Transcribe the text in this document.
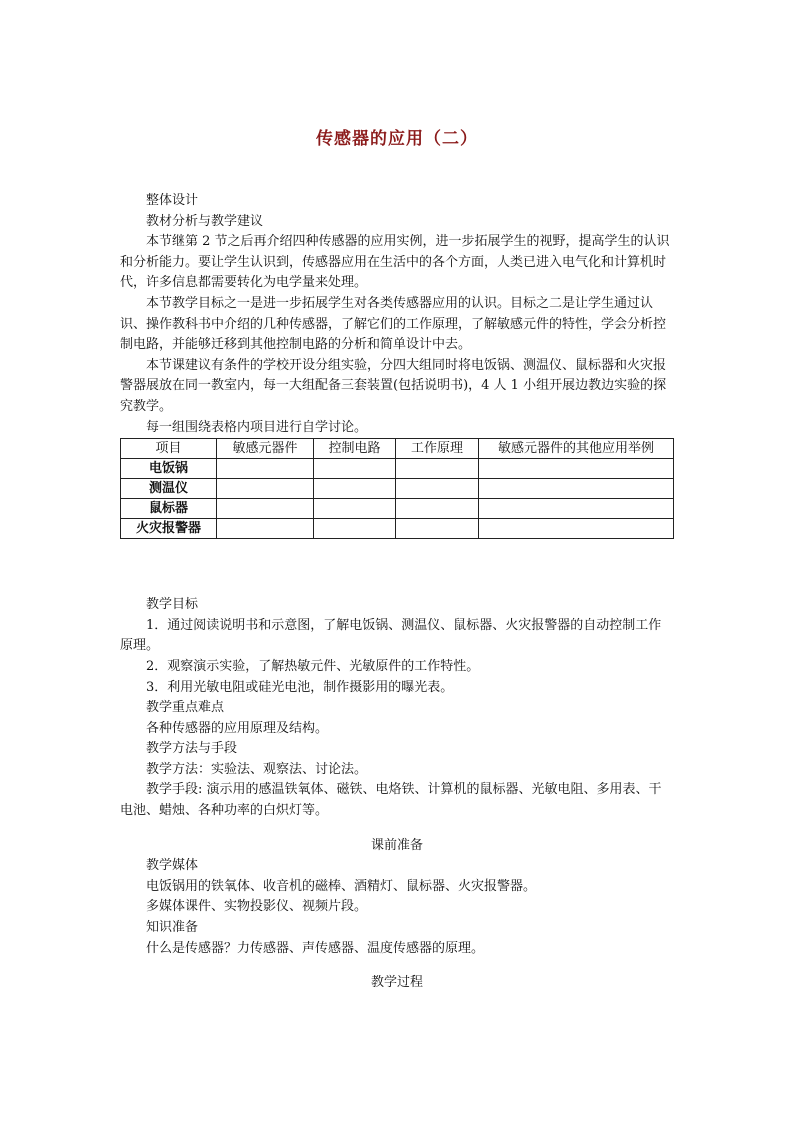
传感器的应用（二）

整体设计

教材分析与教学建议

本节继第 2 节之后再介绍四种传感器的应用实例，进一步拓展学生的视野，提高学生的认识和分析能力。要让学生认识到，传感器应用在生活中的各个方面，人类已进入电气化和计算机时代，许多信息都需要转化为电学量来处理。

本节教学目标之一是进一步拓展学生对各类传感器应用的认识。目标之二是让学生通过认识、操作教科书中介绍的几种传感器，了解它们的工作原理，了解敏感元件的特性，学会分析控制电路，并能够迁移到其他控制电路的分析和简单设计中去。

本节课建议有条件的学校开设分组实验，分四大组同时将电饭锅、测温仪、鼠标器和火灾报警器展放在同一教室内，每一大组配备三套装置(包括说明书)，4 人 1 小组开展边教边实验的探究教学。

每一组围绕表格内项目进行自学讨论。

项目	敏感元器件	控制电路	工作原理	敏感元器件的其他应用举例
电饭锅				
测温仪				
鼠标器				
火灾报警器				

教学目标

1．通过阅读说明书和示意图，了解电饭锅、测温仪、鼠标器、火灾报警器的自动控制工作原理。

2．观察演示实验，了解热敏元件、光敏原件的工作特性。

3．利用光敏电阻或硅光电池，制作摄影用的曝光表。

教学重点难点

各种传感器的应用原理及结构。

教学方法与手段

教学方法：实验法、观察法、讨论法。

教学手段: 演示用的感温铁氧体、磁铁、电烙铁、计算机的鼠标器、光敏电阻、多用表、干电池、蜡烛、各种功率的白炽灯等。

课前准备

教学媒体

电饭锅用的铁氧体、收音机的磁棒、酒精灯、鼠标器、火灾报警器。

多媒体课件、实物投影仪、视频片段。

知识准备

什么是传感器？力传感器、声传感器、温度传感器的原理。

教学过程
